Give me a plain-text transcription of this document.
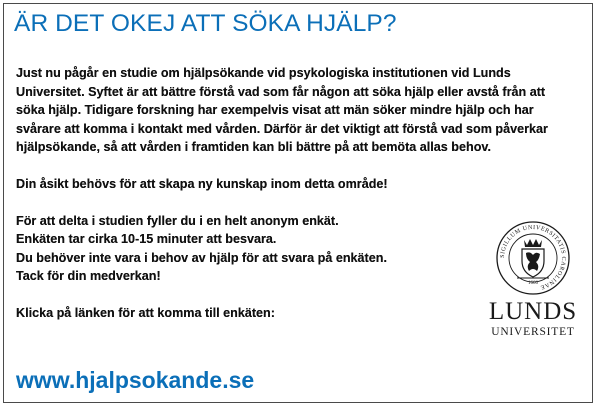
ÄR DET OKEJ ATT SÖKA HJÄLP?

Just nu pågår en studie om hjälpsökande vid psykologiska institutionen vid Lunds Universitet. Syftet är att bättre förstå vad som får någon att söka hjälp eller avstå från att söka hjälp. Tidigare forskning har exempelvis visat att män söker mindre hjälp och har svårare att komma i kontakt med vården. Därför är det viktigt att förstå vad som påverkar hjälpsökande, så att vården i framtiden kan bli bättre på att bemöta allas behov.

Din åsikt behövs för att skapa ny kunskap inom detta område!

För att delta i studien fyller du i en helt anonym enkät.
Enkäten tar cirka 10-15 minuter att besvara.
Du behöver inte vara i behov av hjälp för att svara på enkäten.
Tack för din medverkan!

Klicka på länken för att komma till enkäten:

www.hjalpsokande.se
SIGILLUM UNIVERSITATIS CAROLINAE
1666
LUNDS
UNIVERSITET
